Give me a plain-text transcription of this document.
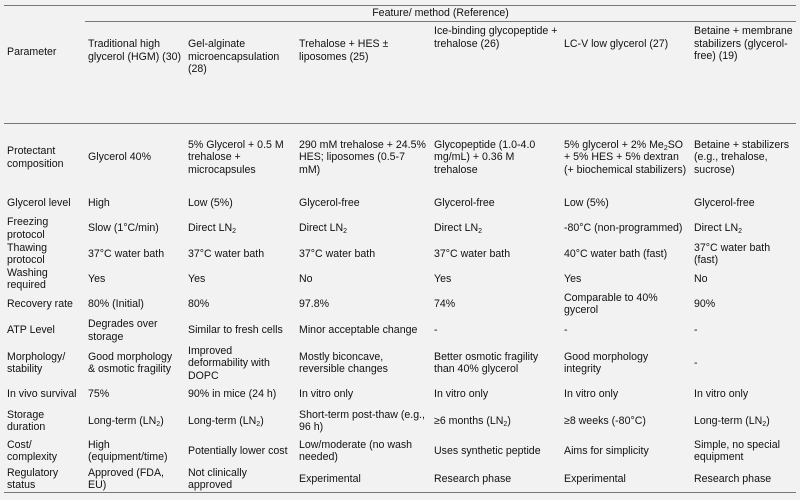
	Feature/ method (Reference)					
Parameter	Traditional high glycerol (HGM) (30)	Gel-alginate microencapsulation (28)	Trehalose + HES ± liposomes (25)	Ice-binding glycopeptide + trehalose (26)	LC-V low glycerol (27)	Betaine + membrane stabilizers (glycerol-free) (19)
Protectant composition	Glycerol 40%	5% Glycerol + 0.5 M trehalose + microcapsules	290 mM trehalose + 24.5% HES; liposomes (0.5-7 mM)	Glycopeptide (1.0-4.0 mg/mL) + 0.36 M trehalose	5% glycerol + 2% $Me_2SO + 5\%$ HES + 5% dextran (+ biochemical stabilizers)	Betaine + stabilizers (e.g., trehalose, sucrose)
Glycerol level	High	Low (5%)	Glycerol-free	Glycerol-free	Low (5%)	Glycerol-free
Freezing protocol	Slow (1°C/min)	Direct $LN_2$	Direct $LN_2$	Direct $LN_2$	-80°C (non-programmed)	Direct $LN_2$
Thawing protocol	37°C water bath	37°C water bath	37°C water bath	37°C water bath	40°C water bath (fast)	37°C water bath (fast)
Washing required	Yes	Yes	No	Yes	Yes	No
Recovery rate	80% (Initial)	80%	97.8%	74%	Comparable to 40% gycerol	90%
ATP Level	Degrades over storage	Similar to fresh cells	Minor acceptable change	-	-	-
Morphology/ stability	Good morphology & osmotic fragility	Improved deformability with DOPC	Mostly biconcave, reversible changes	Better osmotic fragility than 40% glycerol	Good morphology integrity	-
In vivo survival	75%	90% in mice (24 h)	In vitro only	In vitro only	In vitro only	In vitro only
Storage duration	Long-term $(LN_2)$	Long-term $(LN_2)$	Short-term post-thaw (e.g., 96 h)	≥6 months $(LN_2)$	≥8 weeks (-80°C)	Long-term $(LN_2)$
Cost/ complexity	High (equipment/time)	Potentially lower cost	Low/moderate (no wash needed)	Uses synthetic peptide	Aims for simplicity	Simple, no special equipment
Regulatory status	Approved (FDA, EU)	Not clinically approved	Experimental	Research phase	Experimental	Research phase
